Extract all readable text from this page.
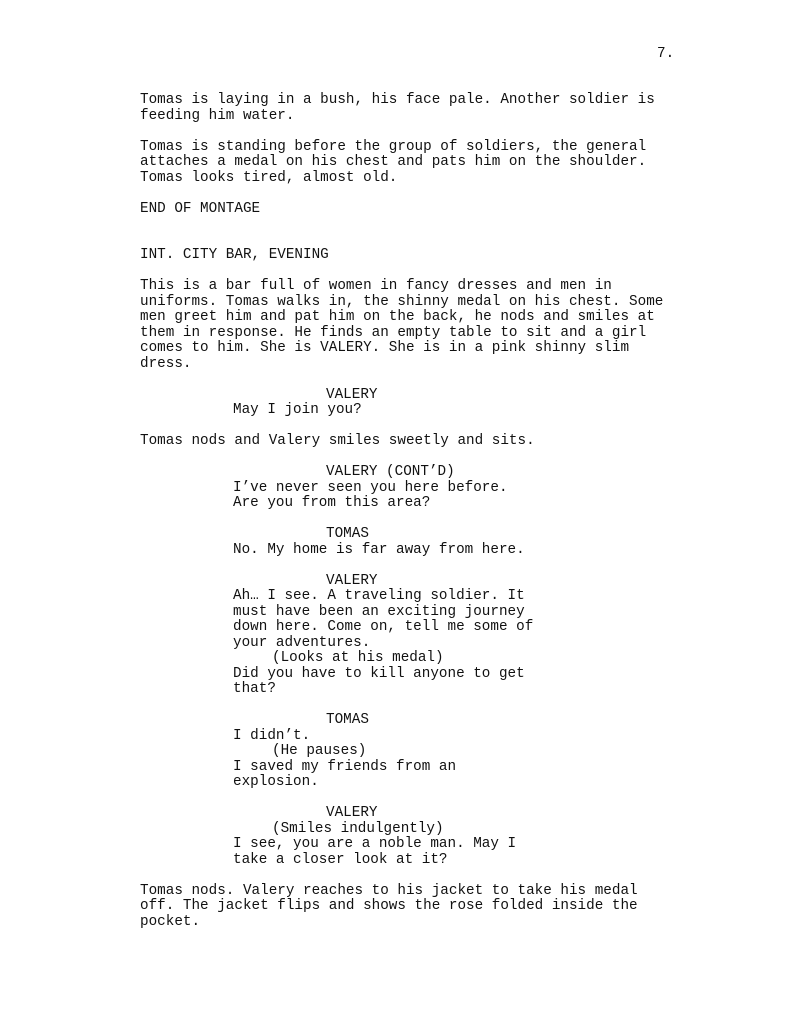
7.
Tomas is laying in a bush, his face pale. Another soldier is
feeding him water.
Tomas is standing before the group of soldiers, the general
attaches a medal on his chest and pats him on the shoulder.
Tomas looks tired, almost old.
END OF MONTAGE
INT. CITY BAR, EVENING
This is a bar full of women in fancy dresses and men in
uniforms. Tomas walks in, the shinny medal on his chest. Some
men greet him and pat him on the back, he nods and smiles at
them in response. He finds an empty table to sit and a girl
comes to him. She is VALERY. She is in a pink shinny slim
dress.
VALERY
May I join you?
Tomas nods and Valery smiles sweetly and sits.
VALERY (CONT’D)
I’ve never seen you here before.
Are you from this area?
TOMAS
No. My home is far away from here.
VALERY
Ah… I see. A traveling soldier. It
must have been an exciting journey
down here. Come on, tell me some of
your adventures.
(Looks at his medal)
Did you have to kill anyone to get
that?
TOMAS
I didn’t.
(He pauses)
I saved my friends from an
explosion.
VALERY
(Smiles indulgently)
I see, you are a noble man. May I
take a closer look at it?
Tomas nods. Valery reaches to his jacket to take his medal
off. The jacket flips and shows the rose folded inside the
pocket.
